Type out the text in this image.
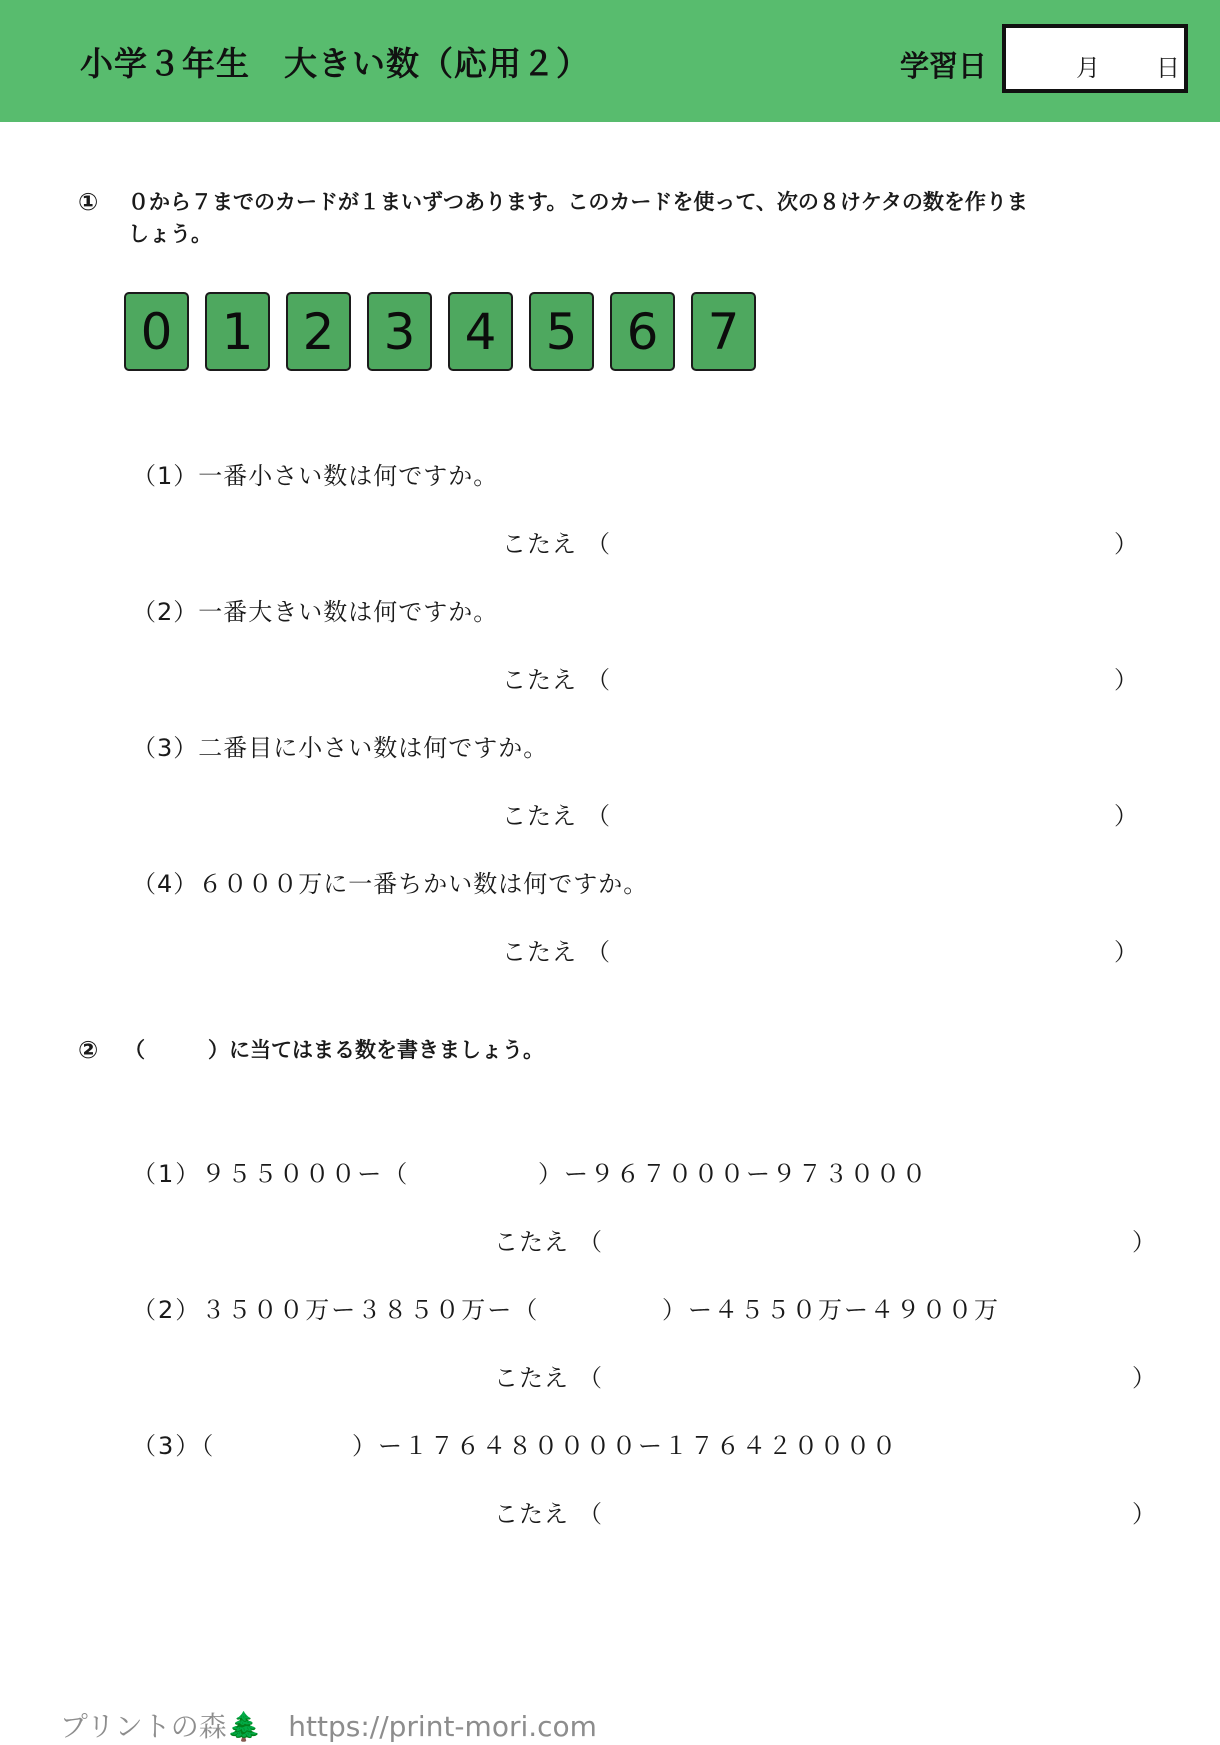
小学３年生　大きい数（応用２）	学習日	月 日
① ０から７までのカードが１まいずつあります。このカードを使って、次の８けケタの数を作りま
しょう。
0 1 2 3 4 5 6 7
（1）一番小さい数は何ですか。
こたえ （	）
（2）一番大きい数は何ですか。
こたえ （	）
（3）二番目に小さい数は何ですか。
こたえ （	）
（4）６０００万に一番ちかい数は何ですか。
こたえ （	）
② （　　　）に当てはまる数を書きましょう。
（1）９５５０００ー（	）ー９６７０００ー９７３０００
こたえ （	）
（2）３５００万ー３８５０万ー（	）ー４５５０万ー４９００万
こたえ （	）
（3）（	）ー１７６４８００００ー１７６４２００００
こたえ （	）

プリントの森🌲 https://print-mori.com
